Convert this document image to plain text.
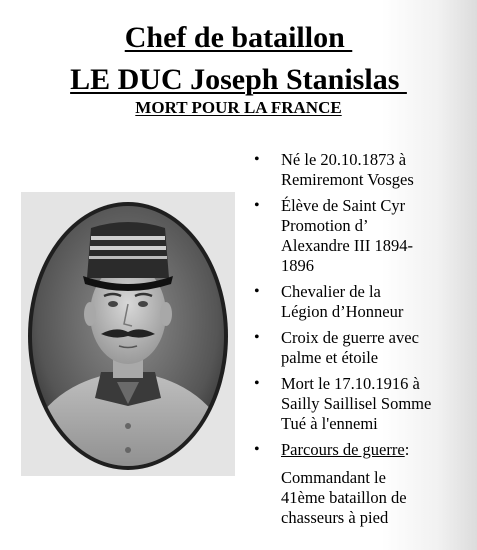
Chef de bataillon
LE DUC Joseph Stanislas
MORT POUR LA FRANCE
• Né le 20.10.1873 à
Remiremont Vosges
• Élève de Saint Cyr
Promotion d’
Alexandre III 1894-
1896
• Chevalier de la
Légion d’Honneur
• Croix de guerre avec
palme et étoile
• Mort le 17.10.1916 à
Sailly Saillisel Somme
Tué à l'ennemi
• Parcours de guerre:
Commandant le
41ème bataillon de
chasseurs à pied
